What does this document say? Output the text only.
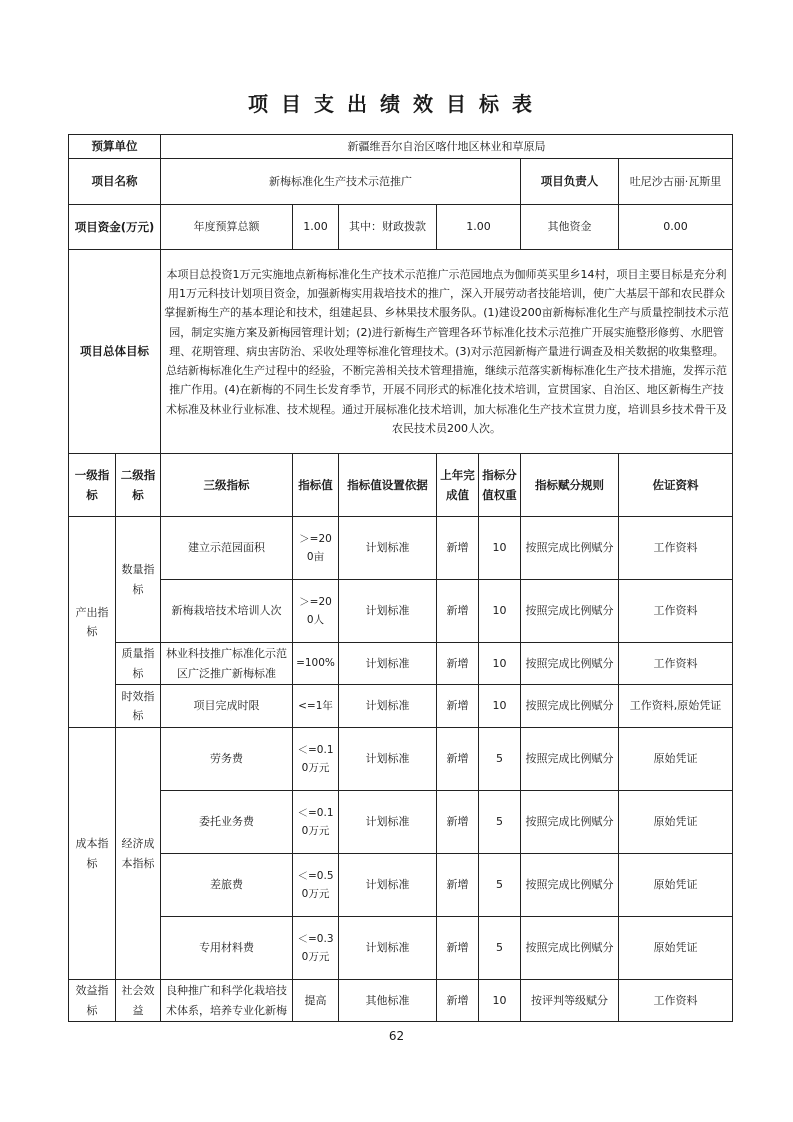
项目支出绩效目标表
预算单位		新疆维吾尔自治区喀什地区林业和草原局						
项目名称		新梅标准化生产技术示范推广					项目负责人	吐尼沙古丽·瓦斯里
项目资金(万元)		年度预算总额	1.00	其中：财政拨款	1.00		其他资金	0.00
项目总体目标		本项目总投资1万元实施地点新梅标准化生产技术示范推广示范园地点为伽师英买里乡14村，项目主要目标是充分利用1万元科技计划项目资金，加强新梅实用栽培技术的推广，深入开展劳动者技能培训，使广大基层干部和农民群众掌握新梅生产的基本理论和技术，组建起县、乡林果技术服务队。(1)建设200亩新梅标准化生产与质量控制技术示范园，制定实施方案及新梅园管理计划；(2)进行新梅生产管理各环节标准化技术示范推广开展实施整形修剪、水肥管理、花期管理、病虫害防治、采收处理等标准化管理技术。(3)对示范园新梅产量进行调查及相关数据的收集整理。总结新梅标准化生产过程中的经验，不断完善相关技术管理措施，继续示范落实新梅标准化生产技术措施，发挥示范推广作用。(4)在新梅的不同生长发育季节，开展不同形式的标准化技术培训，宣贯国家、自治区、地区新梅生产技术标准及林业行业标准、技术规程。通过开展标准化技术培训，加大标准化生产技术宣贯力度，培训县乡技术骨干及农民技术员200人次。						
一级指标	二级指标	三级指标	指标值	指标值设置依据	上年完成值	指标分值权重	指标赋分规则	佐证资料
产出指标	数量指标	建立示范园面积	＞=200亩	计划标准	新增	10	按照完成比例赋分	工作资料
		新梅栽培技术培训人次	＞=200人	计划标准	新增	10	按照完成比例赋分	工作资料
	质量指标	林业科技推广标准化示范区广泛推广新梅标准	=100%	计划标准	新增	10	按照完成比例赋分	工作资料
	时效指标	项目完成时限	<=1年	计划标准	新增	10	按照完成比例赋分	工作资料,原始凭证
成本指标	经济成本指标	劳务费	＜=0.10万元	计划标准	新增	5	按照完成比例赋分	原始凭证
		委托业务费	＜=0.10万元	计划标准	新增	5	按照完成比例赋分	原始凭证
		差旅费	＜=0.50万元	计划标准	新增	5	按照完成比例赋分	原始凭证
		专用材料费	＜=0.30万元	计划标准	新增	5	按照完成比例赋分	原始凭证
效益指标	社会效益	良种推广和科学化栽培技术体系，培养专业化新梅	提高	其他标准	新增	10	按评判等级赋分	工作资料
62
